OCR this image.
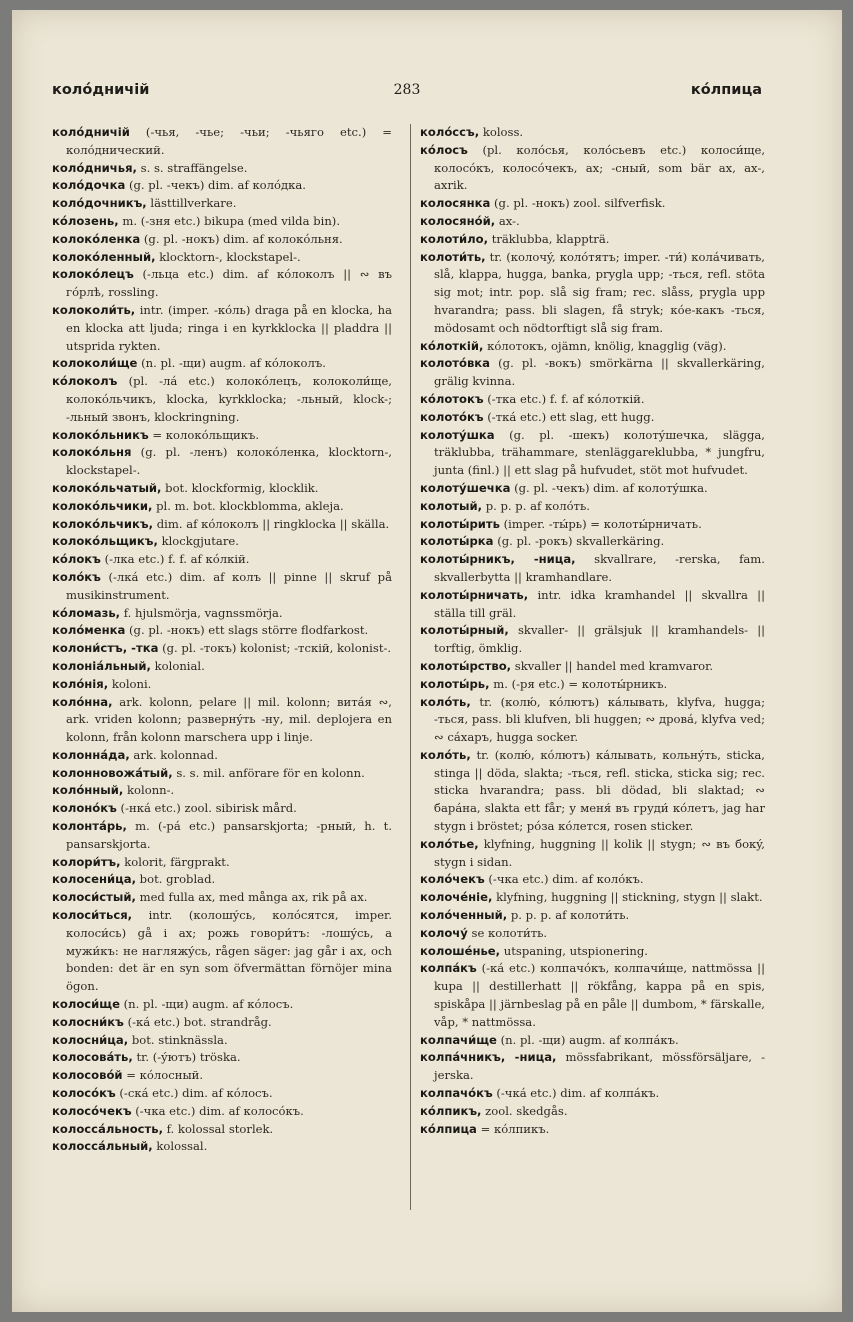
колóдничій	283	кóлпица

колóдничій (-чья, -чье; -чьи; -чьяго etc.) = колóднический.

колóдничья, s. s. straffängelse.

колóдочка (g. pl. -чекъ) dim. af колóдка.

колóдочникъ, lästtillverkare.

кóлозень, m. (-зня etc.) bikupa (med vilda bin).

колокóленка (g. pl. -нокъ) dim. af колокóльня.

колокóленный, klocktorn-, klockstapel-.

колокóлецъ (-льца etc.) dim. af кóлоколъ || ∾ въ гóрлѣ, rossling.

колоколи́ть, intr. (imper. -кóль) draga på en klocka, ha en klocka att ljuda; ringa i en kyrkklocka || pladdra || utsprida rykten.

колоколи́ще (n. pl. -щи) augm. af кóлоколъ.

кóлоколъ (pl. -лá etc.) колокóлецъ, колоколи́ще, колокóльчикъ, klocka, kyrkklocka; -льный, klock-; -льный звонъ, klockringning.

колокóльникъ = колокóльщикъ.

колокóльня (g. pl. -ленъ) колокóленка, klocktorn-, klockstapel-.

колокóльчатый, bot. klockformig, klocklik.

колокóльчики, pl. m. bot. klockblomma, akleja.

колокóльчикъ, dim. af кóлоколъ || ringklocka || skälla.

колокóльщикъ, klockgjutare.

кóлокъ (-лка etc.) f. f. af кóлкій.

колóкъ (-лкá etc.) dim. af колъ || pinne || skruf på musikinstrument.

кóломазь, f. hjulsmörja, vagnssmörja.

колóменка (g. pl. -нокъ) ett slags större flodfarkost.

колони́стъ, -тка (g. pl. -токъ) kolonist; -тскій, kolonist-.

колоніáльный, kolonial.

колóнія, koloni.

колóнна, ark. kolonn, pelare || mil. kolonn; витáя ∾, ark. vriden kolonn; развернýть -ну, mil. deplojera en kolonn, från kolonn marschera upp i linje.

колоннáда, ark. kolonnad.

колонновожáтый, s. s. mil. anförare för en kolonn.

колóнный, kolonn-.

колонóкъ (-нкá etc.) zool. sibirisk mård.

колонтáрь, m. (-рá etc.) pansarskjorta; -рный, h. t. pansarskjorta.

колори́тъ, kolorit, färgprakt.

колосени́ца, bot. groblad.

колоси́стый, med fulla ax, med många ax, rik på ax.

колоси́ться, intr. (колошýсь, колóсятся, imper. колоси́сь) gå i ax; рожь говори́тъ: -лошýсь, а мужи́къ: не нагляжýсь, rågen säger: jag går i ax, och bonden: det är en syn som öfvermättan förnöjer mina ögon.

колоси́ще (n. pl. -щи) augm. af кóлосъ.

колосни́къ (-кá etc.) bot. strandråg.

колосни́ца, bot. stinknässla.

колосовáть, tr. (-ýютъ) tröska.

колосовóй = кóлосный.

колосóкъ (-скá etc.) dim. af кóлосъ.

колосóчекъ (-чка etc.) dim. af колосóкъ.

колоссáльность, f. kolossal storlek.

колоссáльный, kolossal.

колóссъ, koloss.

кóлосъ (pl. колóсья, колóсьевъ etc.) колоси́ще, колосóкъ, колосóчекъ, ax; -сный, som bär ax, ax-, axrik.

колосянка (g. pl. -нокъ) zool. silfverfisk.

колосянóй, ax-.

колоти́ло, träklubba, klappträ.

колоти́ть, tr. (колочý, колóтятъ; imper. -ти́) колáчивать, slå, klappa, hugga, banka, prygla upp; -ться, refl. stöta sig mot; intr. pop. slå sig fram; rec. slåss, prygla upp hvarandra; pass. bli slagen, få stryk; кóе-какъ -ться, mödosamt och nödtorftigt slå sig fram.

кóлоткій, кóлотокъ, ojämn, knölig, knagglig (väg).

колотóвка (g. pl. -вокъ) smörkärna || skvallerkäring, grälig kvinna.

кóлотокъ (-тка etc.) f. f. af кóлоткій.

колотóкъ (-ткá etc.) ett slag, ett hugg.

колотýшка (g. pl. -шекъ) колотýшечка, slägga, träklubba, trähammare, stenläggareklubba, * jungfru, junta (finl.) || ett slag på hufvudet, stöt mot hufvudet.

колотýшечка (g. pl. -чекъ) dim. af колотýшка.

колотый, p. p. p. af колóть.

колоты́рить (imper. -ты́рь) = колоты́рничать.

колоты́рка (g. pl. -рокъ) skvallerkäring.

колоты́рникъ, -ница, skvallrare, -rerska, fam. skvallerbytta || kramhandlare.

колоты́рничать, intr. idka kramhandel || skvallra || ställa till gräl.

колоты́рный, skvaller- || grälsjuk || kramhandels- || torftig, ömklig.

колоты́рство, skvaller || handel med kramvaror.

колоты́рь, m. (-ря etc.) = колоты́рникъ.

колóть, tr. (колю́, кóлютъ) кáлывать, klyfva, hugga; -ться, pass. bli klufven, bli huggen; ∾ дровá, klyfva ved; ∾ сáхаръ, hugga socker.

колóть, tr. (колю́, кóлютъ) кáлывать, кольнýть, sticka, stinga || döda, slakta; -ться, refl. sticka, sticka sig; rec. sticka hvarandra; pass. bli dödad, bli slaktad; ∾ барáна, slakta ett får; у меня́ въ груди́ кóлетъ, jag har stygn i bröstet; рóза кóлется, rosen sticker.

колóтье, klyfning, huggning || kolik || stygn; ∾ въ бокý, stygn i sidan.

колóчекъ (-чка etc.) dim. af колóкъ.

колочéніе, klyfning, huggning || stickning, stygn || slakt.

колóченный, p. p. p. af колоти́ть.

колочý se колоти́ть.

колошéнье, utspaning, utspionering.

колпáкъ (-кá etc.) колпачóкъ, колпачи́ще, nattmössa || kupa || destillerhatt || rökfång, kappa på en spis, spiskåpa || järnbeslag på en påle || dumbom, * färskalle, våp, * nattmössa.

колпачи́ще (n. pl. -щи) augm. af колпáкъ.

колпáчникъ, -ница, mössfabrikant, mössförsäljare, -jerska.

колпачóкъ (-чкá etc.) dim. af колпáкъ.

кóлпикъ, zool. skedgås.

кóлпица = кóлпикъ.
